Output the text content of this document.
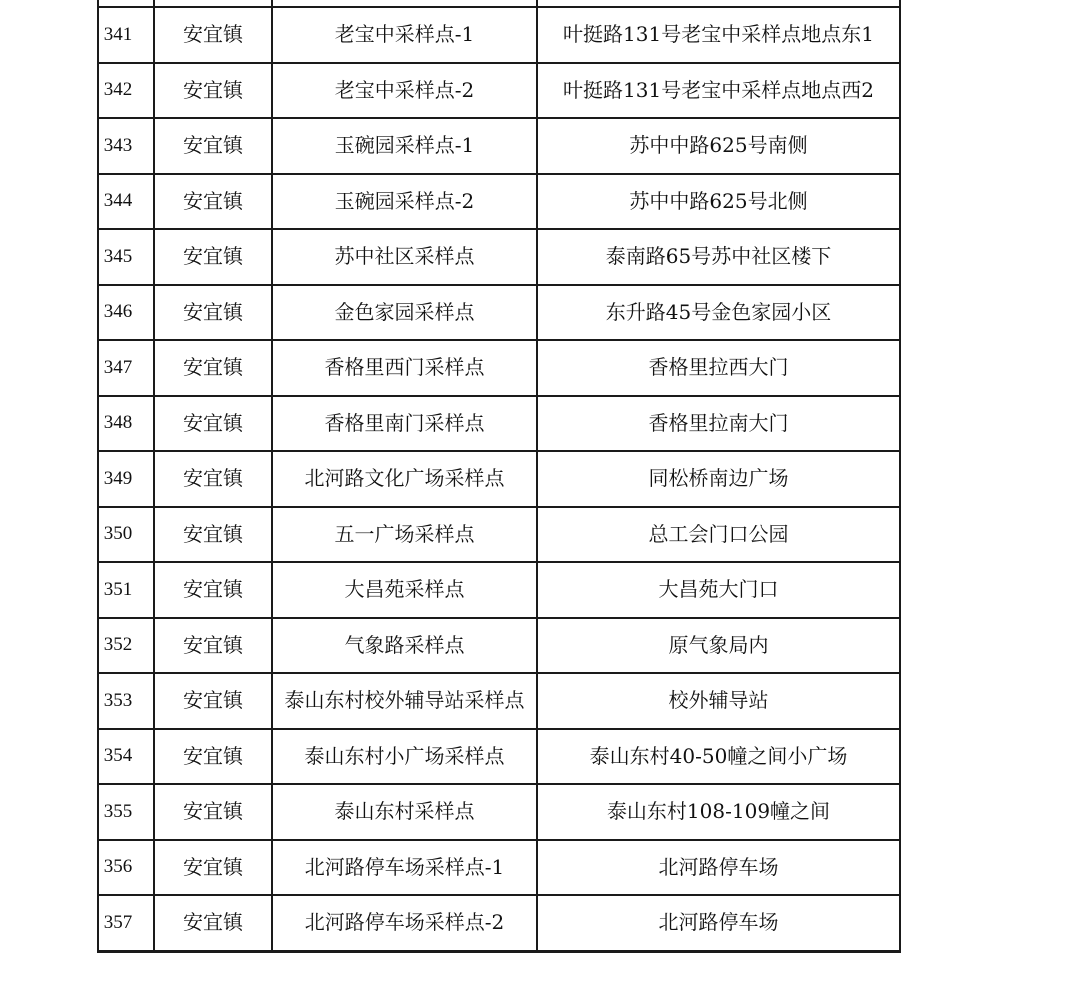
341	安宜镇	老宝中采样点-1	叶挺路131号老宝中采样点地点东1
342	安宜镇	老宝中采样点-2	叶挺路131号老宝中采样点地点西2
343	安宜镇	玉碗园采样点-1	苏中中路625号南侧
344	安宜镇	玉碗园采样点-2	苏中中路625号北侧
345	安宜镇	苏中社区采样点	泰南路65号苏中社区楼下
346	安宜镇	金色家园采样点	东升路45号金色家园小区
347	安宜镇	香格里西门采样点	香格里拉西大门
348	安宜镇	香格里南门采样点	香格里拉南大门
349	安宜镇	北河路文化广场采样点	同松桥南边广场
350	安宜镇	五一广场采样点	总工会门口公园
351	安宜镇	大昌苑采样点	大昌苑大门口
352	安宜镇	气象路采样点	原气象局内
353	安宜镇	泰山东村校外辅导站采样点	校外辅导站
354	安宜镇	泰山东村小广场采样点	泰山东村40-50幢之间小广场
355	安宜镇	泰山东村采样点	泰山东村108-109幢之间
356	安宜镇	北河路停车场采样点-1	北河路停车场
357	安宜镇	北河路停车场采样点-2	北河路停车场
